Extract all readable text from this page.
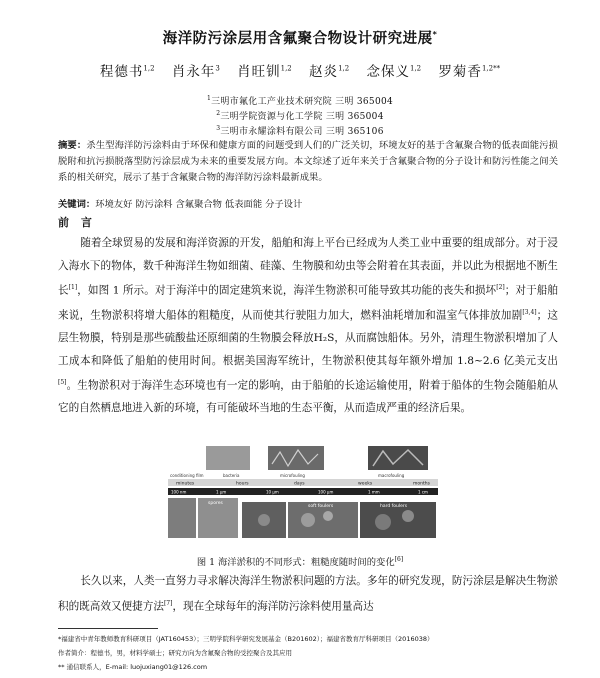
海洋防污涂层用含氟聚合物设计研究进展*
程德书$^{1,2}$ 肖永年$^3$ 肖旺钏$^{1,2}$ 赵炎$^{1,2}$ 念保义$^{1,2}$ 罗菊香$^{1,2**}$
$^1$三明市氟化工产业技术研究院 三明 365004
$^2$三明学院资源与化工学院 三明 365004
$^3$三明市永耀涂料有限公司 三明 365106
摘要：杀生型海洋防污涂料由于环保和健康方面的问题受到人们的广泛关切，环境友好的基于含氟聚合物的低表面能污损脱附和抗污损脱落型防污涂层成为未来的重要发展方向。本文综述了近年来关于含氟聚合物的分子设计和防污性能之间关系的相关研究，展示了基于含氟聚合物的海洋防污涂料最新成果。
关键词：环境友好 防污涂料 含氟聚合物 低表面能 分子设计
前 言
随着全球贸易的发展和海洋资源的开发，船舶和海上平台已经成为人类工业中重要的组成部分。对于浸入海水下的物体，数千种海洋生物如细菌、硅藻、生物膜和幼虫等会附着在其表面，并以此为根据地不断生长[1]，如图 1 所示。对于海洋中的固定建筑来说，海洋生物淤积可能导致其功能的丧失和损坏[2]；对于船舶来说，生物淤积将增大船体的粗糙度，从而使其行驶阻力加大，燃料油耗增加和温室气体排放加剧[3,4]；这层生物膜，特别是那些硫酸盐还原细菌的生物膜会释放H₂S，从而腐蚀船体。另外，清理生物淤积增加了人工成本和降低了船舶的使用时间。根据美国海军统计，生物淤积使其每年额外增加 1.8~2.6 亿美元支出[5]。生物淤积对于海洋生态环境也有一定的影响，由于船舶的长途运输使用，附着于船体的生物会随船舶从它的自然栖息地进入新的环境，有可能破坏当地的生态平衡，从而造成严重的经济后果。
conditioning film	bacteria	microfouling	macrofouling
minutes	hours	days	weeks	months
100 nm	1 µm	10 µm	100 µm	1 mm	1 cm
spores
soft foulers	hard foulers
图 1 海洋淤积的不同形式：粗糙度随时间的变化[6]
长久以来，人类一直努力寻求解决海洋生物淤积问题的方法。多年的研究发现，防污涂层是解决生物淤积的既高效又便捷方法[7]，现在全球每年的海洋防污涂料使用量高达
*福建省中青年教师教育科研项目（JAT160453）；三明学院科学研究发展基金（B201602）；福建省教育厅科研项目（2016038）
作者简介：程德书，男，材料学硕士；研究方向为含氟聚合物的受控聚合及其应用
** 通信联系人，E-mail: luojuxiang01@126.com
